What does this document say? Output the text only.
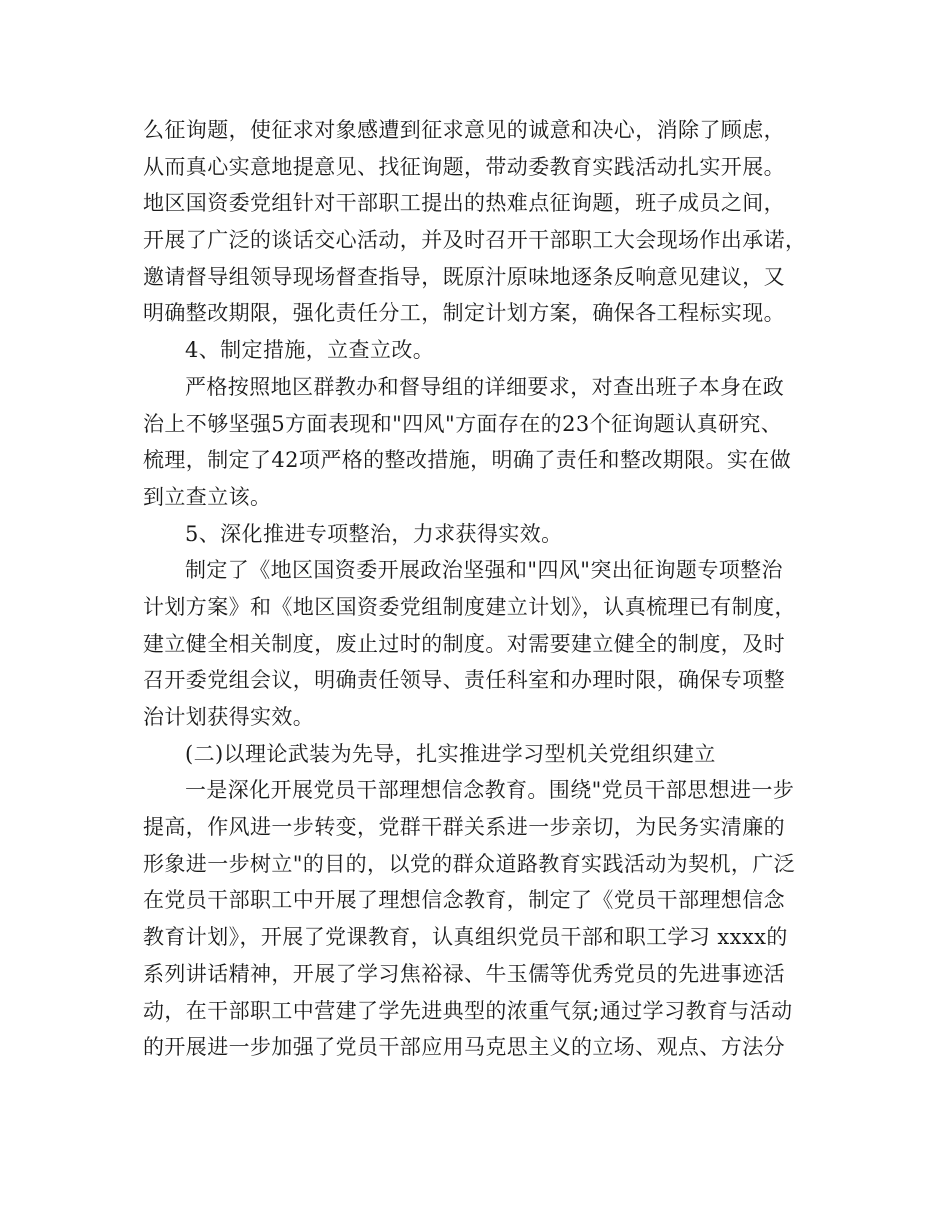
么征询题，使征求对象感遭到征求意见的诚意和决心，消除了顾虑，
从而真心实意地提意见、找征询题，带动委教育实践活动扎实开展。
地区国资委党组针对干部职工提出的热难点征询题，班子成员之间，
开展了广泛的谈话交心活动，并及时召开干部职工大会现场作出承诺，
邀请督导组领导现场督查指导，既原汁原味地逐条反响意见建议，又
明确整改期限，强化责任分工，制定计划方案，确保各工程标实现。
4、制定措施，立查立改。
严格按照地区群教办和督导组的详细要求，对查出班子本身在政
治上不够坚强5方面表现和"四风"方面存在的23个征询题认真研究、
梳理，制定了42项严格的整改措施，明确了责任和整改期限。实在做
到立查立该。
5、深化推进专项整治，力求获得实效。
制定了《地区国资委开展政治坚强和"四风"突出征询题专项整治
计划方案》和《地区国资委党组制度建立计划》，认真梳理已有制度，
建立健全相关制度，废止过时的制度。对需要建立健全的制度，及时
召开委党组会议，明确责任领导、责任科室和办理时限，确保专项整
治计划获得实效。
(二)以理论武装为先导，扎实推进学习型机关党组织建立
一是深化开展党员干部理想信念教育。围绕"党员干部思想进一步
提高，作风进一步转变，党群干群关系进一步亲切，为民务实清廉的
形象进一步树立"的目的，以党的群众道路教育实践活动为契机，广泛
在党员干部职工中开展了理想信念教育，制定了《党员干部理想信念
教育计划》，开展了党课教育，认真组织党员干部和职工学习 xxxx的
系列讲话精神，开展了学习焦裕禄、牛玉儒等优秀党员的先进事迹活
动，在干部职工中营建了学先进典型的浓重气氛;通过学习教育与活动
的开展进一步加强了党员干部应用马克思主义的立场、观点、方法分
